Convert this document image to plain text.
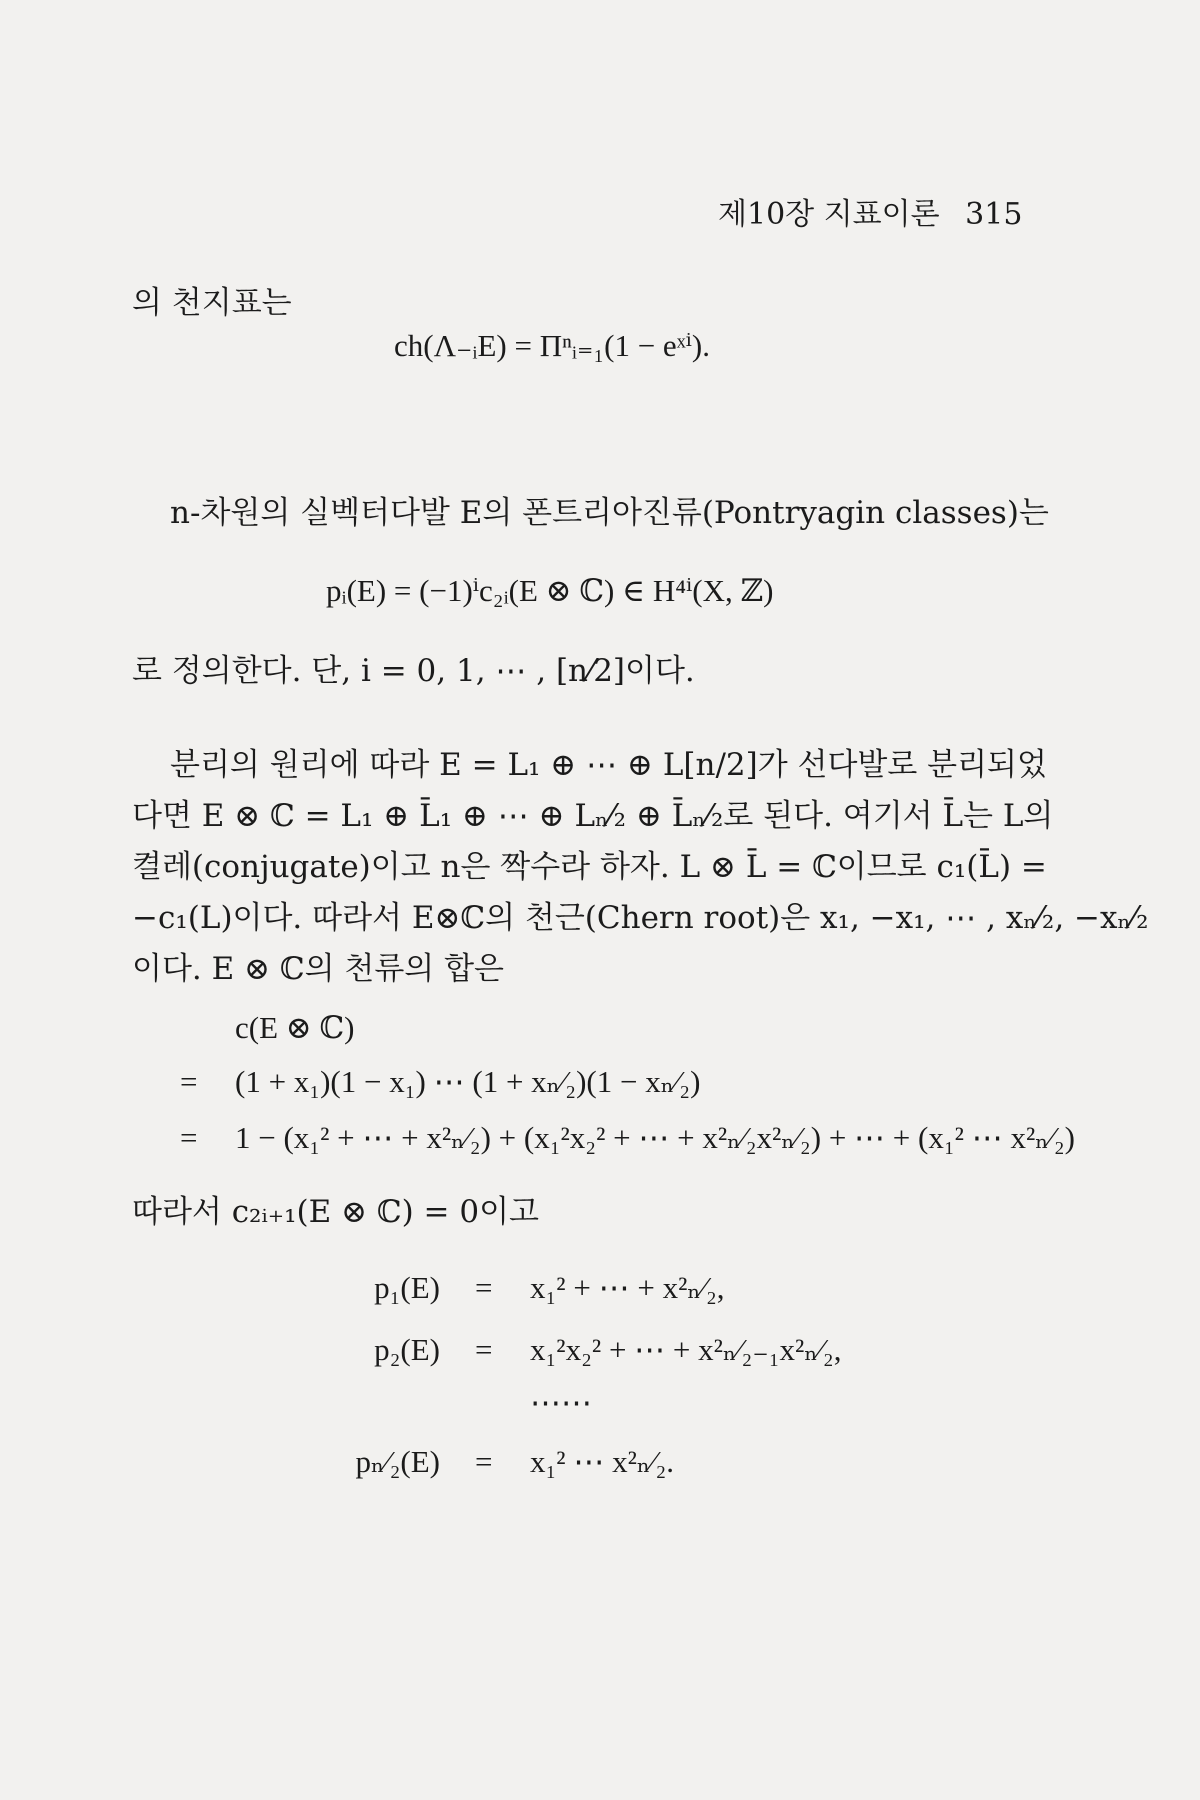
제10장 지표이론 315
의 천지표는
ch(Λ₋ᵢE) = Πⁿᵢ₌₁(1 − eˣⁱ).
n-차원의 실벡터다발 E의 폰트리아진류(Pontryagin classes)는
pᵢ(E) = (−1)ⁱc₂ᵢ(E ⊗ ℂ) ∈ H⁴ⁱ(X, ℤ)
로 정의한다. 단, i = 0, 1, ⋯ , [n⁄2]이다.
분리의 원리에 따라 E = L₁ ⊕ ⋯ ⊕ L[n/2]가 선다발로 분리되었
다면 E ⊗ ℂ = L₁ ⊕ L̄₁ ⊕ ⋯ ⊕ Lₙ⁄₂ ⊕ L̄ₙ⁄₂로 된다. 여기서 L̄는 L의
켤레(conjugate)이고 n은 짝수라 하자. L ⊗ L̄ = ℂ이므로 c₁(L̄) =
−c₁(L)이다. 따라서 E⊗ℂ의 천근(Chern root)은 x₁, −x₁, ⋯ , xₙ⁄₂, −xₙ⁄₂
이다. E ⊗ ℂ의 천류의 합은
c(E ⊗ ℂ)
= (1 + x₁)(1 − x₁) ⋯ (1 + xₙ⁄₂)(1 − xₙ⁄₂)
= 1 − (x₁² + ⋯ + x²ₙ⁄₂) + (x₁²x₂² + ⋯ + x²ₙ⁄₂x²ₙ⁄₂) + ⋯ + (x₁² ⋯ x²ₙ⁄₂)
따라서 c₂ᵢ₊₁(E ⊗ ℂ) = 0이고
p₁(E) = x₁² + ⋯ + x²ₙ⁄₂,
p₂(E) = x₁²x₂² + ⋯ + x²ₙ⁄₂₋₁x²ₙ⁄₂,
⋯⋯
pₙ⁄₂(E) = x₁² ⋯ x²ₙ⁄₂.
